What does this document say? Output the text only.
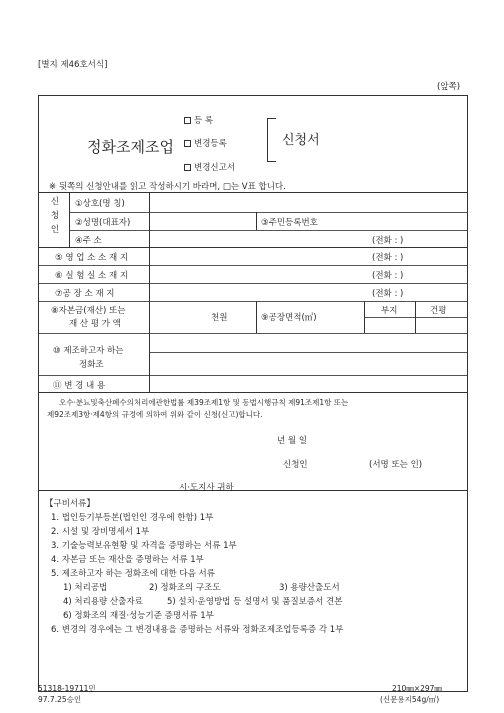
[별지 제46호서식]
(앞쪽)
정화조제조업
등 록
변경등록
변경신고서
신청서
※ 뒷쪽의 신청안내를 읽고 작성하시기 바라며, □는 V표 합니다.
신
청
인
①상호(명 칭)
②성명(대표자)	③주민등록번호
④주 소	(전화 : )
⑤ 영 업 소 소 재 지	(전화 : )
⑥ 실 험 실 소 재 지	(전화 : )
⑦공 장 소 재 지	(전화 : )
⑧자본금(재산) 또는
재 산 평 가 액
천원	⑨공장면적(㎡)
부지	건평
⑩ 제조하고자 하는
정화조
⑪ 변 경 내 용
오수·분뇨및축산폐수의처리에관한법률 제39조제1항 및 동법시행규칙 제91조제1항 또는
제92조제3항·제4항의 규정에 의하여 위와 같이 신청(신고)합니다.
년 월 일
신청인	(서명 또는 인)
시·도지사 귀하
【구비서류】
1. 법인등기부등본(법인인 경우에 한함) 1부
2. 시설 및 장비명세서 1부
3. 기술능력보유현황 및 자격을 증명하는 서류 1부
4. 자본금 또는 재산을 증명하는 서류 1부
5. 제조하고자 하는 정화조에 대한 다음 서류
1) 처리공법	2) 정화조의 구조도	3) 용량산출도서
4) 처리용량 산출자료	5) 설치·운영방법 등 설명서 및 품질보증서 견본
6) 정화조의 재질·성능기준 증명서류 1부
6. 변경의 경우에는 그 변경내용을 증명하는 서류와 정화조제조업등록증 각 1부
51318-19711민
97.7.25승인
210㎜×297㎜
(신문용지54g/㎡)
